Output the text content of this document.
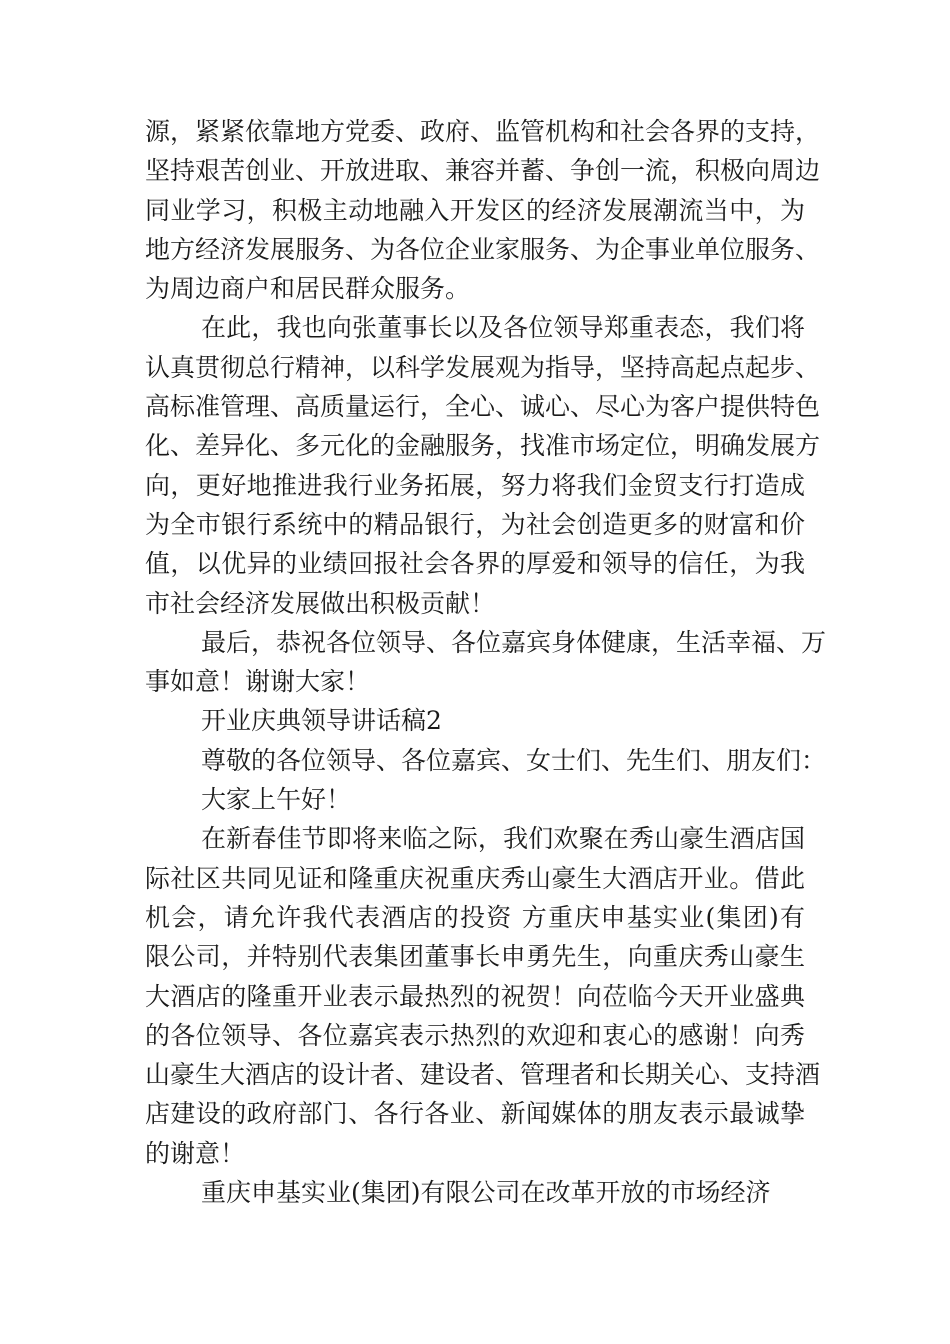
源，紧紧依靠地方党委、政府、监管机构和社会各界的支持，
坚持艰苦创业、开放进取、兼容并蓄、争创一流，积极向周边
同业学习，积极主动地融入开发区的经济发展潮流当中，为
地方经济发展服务、为各位企业家服务、为企事业单位服务、
为周边商户和居民群众服务。
在此，我也向张董事长以及各位领导郑重表态，我们将
认真贯彻总行精神，以科学发展观为指导，坚持高起点起步、
高标准管理、高质量运行，全心、诚心、尽心为客户提供特色
化、差异化、多元化的金融服务，找准市场定位，明确发展方
向，更好地推进我行业务拓展，努力将我们金贸支行打造成
为全市银行系统中的精品银行，为社会创造更多的财富和价
值，以优异的业绩回报社会各界的厚爱和领导的信任，为我
市社会经济发展做出积极贡献！
最后，恭祝各位领导、各位嘉宾身体健康，生活幸福、万
事如意！谢谢大家！
开业庆典领导讲话稿2
尊敬的各位领导、各位嘉宾、女士们、先生们、朋友们：
大家上午好！
在新春佳节即将来临之际，我们欢聚在秀山豪生酒店国
际社区共同见证和隆重庆祝重庆秀山豪生大酒店开业。借此
机会，请允许我代表酒店的投资 方重庆申基实业(集团)有
限公司，并特别代表集团董事长申勇先生，向重庆秀山豪生
大酒店的隆重开业表示最热烈的祝贺！向莅临今天开业盛典
的各位领导、各位嘉宾表示热烈的欢迎和衷心的感谢！向秀
山豪生大酒店的设计者、建设者、管理者和长期关心、支持酒
店建设的政府部门、各行各业、新闻媒体的朋友表示最诚挚
的谢意！
重庆申基实业(集团)有限公司在改革开放的市场经济
